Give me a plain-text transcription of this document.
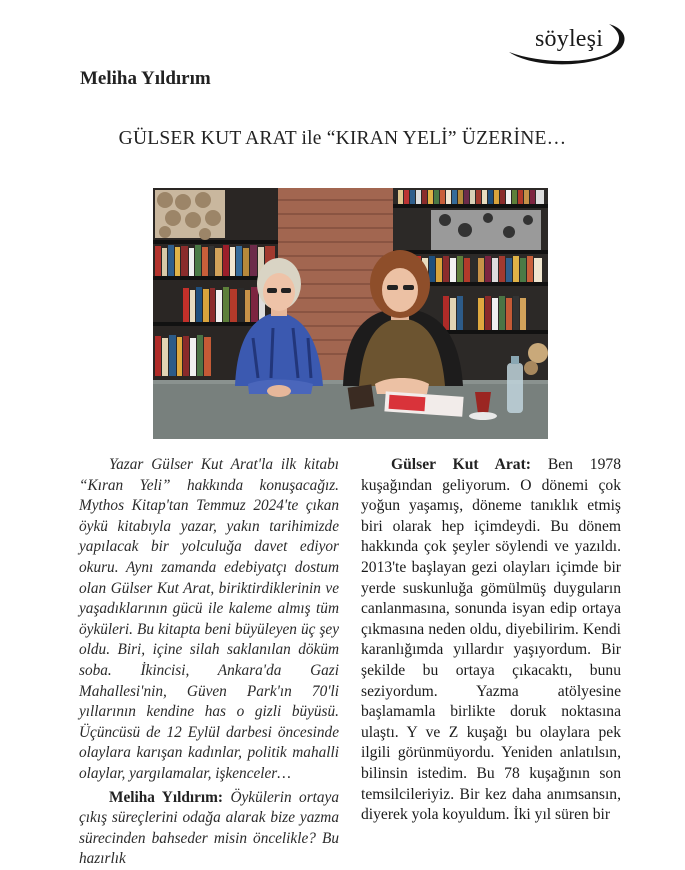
söyleşi
Meliha Yıldırım
GÜLSER KUT ARAT ile “KIRAN YELİ” ÜZERİNE…

Yazar Gülser Kut Arat'la ilk kitabı “Kıran Yeli” hakkında konuşacağız. Mythos Kitap'tan Temmuz 2024'te çıkan öykü kitabıyla yazar, yakın tarihimizde yapılacak bir yolculuğa davet ediyor okuru. Aynı zamanda edebiyatçı dostum olan Gülser Kut Arat, biriktirdiklerinin ve yaşadıklarının gücü ile kaleme almış tüm öyküleri. Bu kitapta beni büyüleyen üç şey oldu. Biri, içine silah saklanılan döküm soba. İkincisi, Ankara'da Gazi Mahallesi'nin, Güven Park'ın 70'li yıllarının kendine has o gizli büyüsü. Üçüncüsü de 12 Eylül darbesi öncesinde olaylara karışan kadınlar, politik mahalli olaylar, yargılamalar, işkenceler…

Meliha Yıldırım: Öykülerin ortaya çıkış süreçlerini odağa alarak bize yazma sürecinden bahseder misin öncelikle? Bu hazırlık

Gülser Kut Arat: Ben 1978 kuşağından geliyorum. O dönemi çok yoğun yaşamış, döneme tanıklık etmiş biri olarak hep içimdeydi. Bu dönem hakkında çok şeyler söylendi ve yazıldı. 2013'te başlayan gezi olayları içimde bir yerde suskunluğa gömülmüş duyguların canlanmasına, sonunda isyan edip ortaya çıkmasına neden oldu, diyebilirim. Kendi karanlığımda yıllardır yaşıyordum. Bir şekilde bu ortaya çıkacaktı, bunu seziyordum. Yazma atölyesine başlamamla birlikte doruk noktasına ulaştı. Y ve Z kuşağı bu olaylara pek ilgili görünmüyordu. Yeniden anlatılsın, bilinsin istedim. Bu 78 kuşağının son temsilcileriyiz. Bir kez daha anımsansın, diyerek yola koyuldum. İki yıl süren bir
